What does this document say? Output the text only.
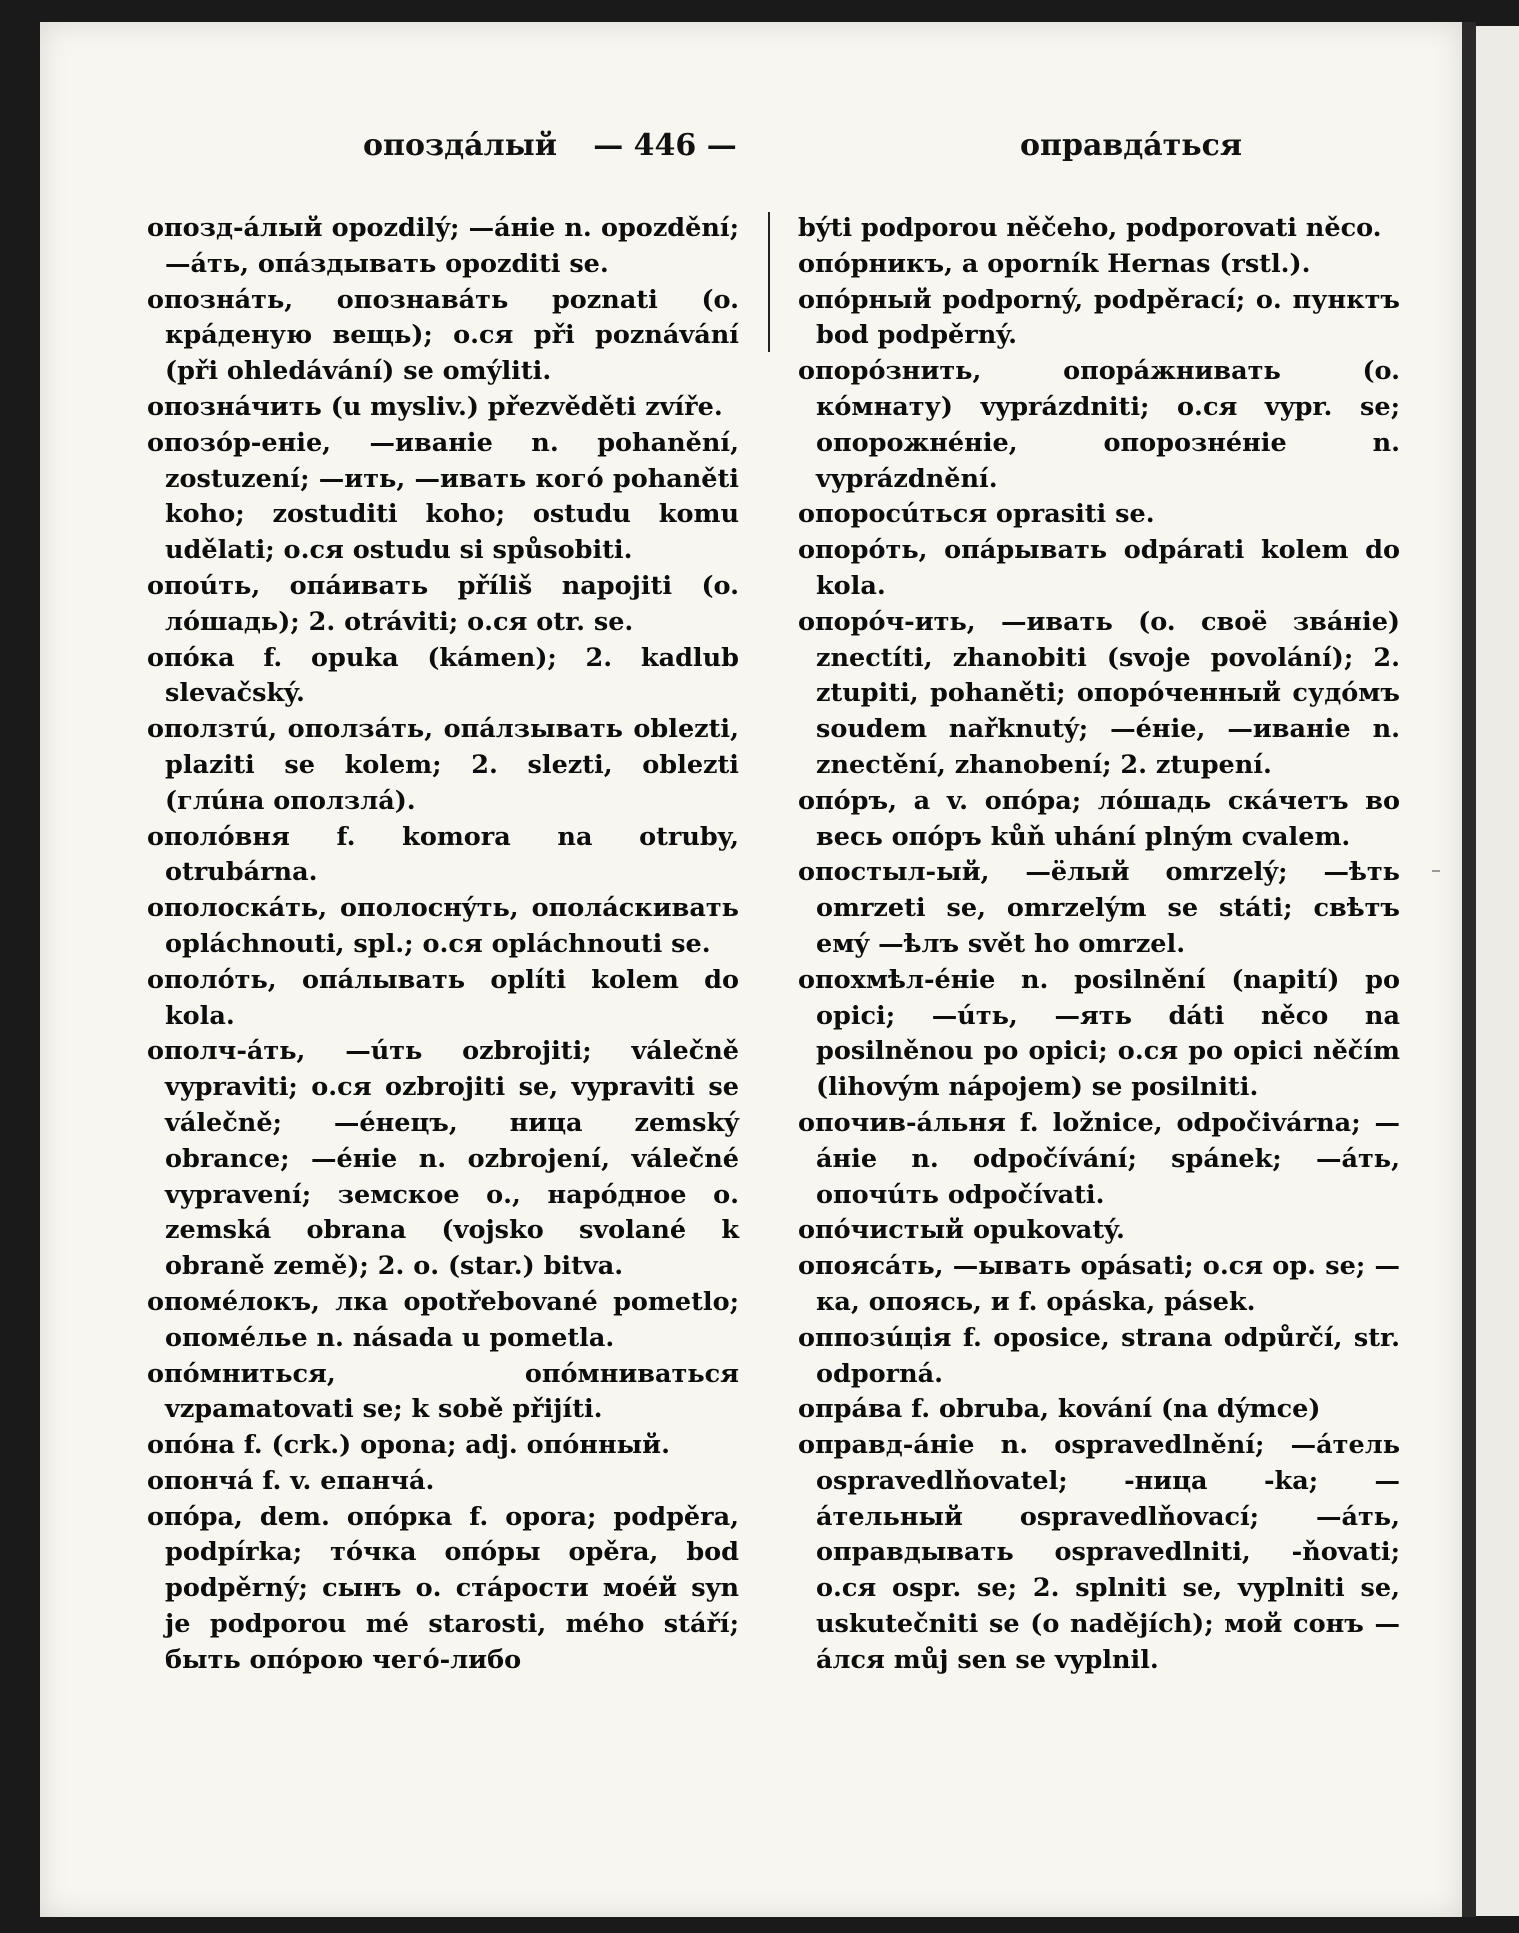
опоздáлый	— 446 —	оправдáться

опозд-áлый opozdilý; —áніе n. opozdění; —áть, опáздывать opozditi se.

опознáть, опознавáть poznati (o. крáденую вещь); о.ся při poznávání (při ohledávání) se omýliti.

опознáчить (u mysliv.) přezvěděti zvíře.

опозóр-еніе, —иваніе n. pohanění, zostuzení; —ить, —ивать когó pohaněti koho; zostuditi koho; ostudu komu udělati; о.ся ostudu si spůsobiti.

опоúть, опáивать příliš napojiti (o. лóшадь); 2. otráviti; о.ся otr. se.

опóка f. opuka (kámen); 2. kadlub slevačský.

оползтú, оползáть, опáлзывать oblezti, plaziti se kolem; 2. slezti, oblezti (глúна оползлá).

ополóвня f. komora na otruby, otrubárna.

ополоскáть, ополоснýть, ополáскивать opláchnouti, spl.; о.ся opláchnouti se.

ополóть, опáлывать oplíti kolem do kola.

ополч-áть, —úть ozbrojiti; válečně vypraviti; о.ся ozbrojiti se, vypraviti se válečně; —éнецъ, ница zemský obrance; —éніе n. ozbrojení, válečné vypravení; земское о., нарóдное о. zemská obrana (vojsko svolané k obraně země); 2. о. (star.) bitva.

опомéлокъ, лка opotřebované pometlo; опомéлье n. násada u pometla.

опóмниться, опóмниваться vzpamatovati se; k sobě přijíti.

опóна f. (crk.) opona; adj. опóнный.

опончá f. v. епанчá.

опóра, dem. опóрка f. opora; podpěra, podpírka; тóчка опóры opěra, bod podpěrný; сынъ о. стáрости моéй syn je podporou mé starosti, mého stáří; быть опóрою чегó-либо

býti podporou něčeho, podporovati něco.

опóрникъ, а oporník Hernas (rstl.).

опóрный podporný, podpěrací; о. пунктъ bod podpěrný.

опорóзнить, опорáжнивать (o. кóмнату) vyprázdniti; о.ся vypr. se; опорожнéніе, опорознéніе n. vyprázdnění.

опоросúться oprasiti se.

опорóть, опáрывать odpárati kolem do kola.

опорóч-ить, —ивать (o. своё звáніе) znectíti, zhanobiti (svoje povolání); 2. ztupiti, pohaněti; опорóченный судóмъ soudem nařknutý; —éніе, —иваніе n. znectění, zhanobení; 2. ztupení.

опóръ, а v. опóра; лóшадь скáчетъ во весь опóръ kůň uhání plným cvalem.

опостыл-ый, —ёлый omrzelý; —ѣть omrzeti se, omrzelým se státi; свѣтъ емý —ѣлъ svět ho omrzel.

опохмѣл-éніе n. posilnění (napití) po opici; —úть, —ять dáti něco na posilněnou po opici; о.ся po opici něčím (lihovým nápojem) se posilniti.

опочив-áльня f. ložnice, odpočivárna; —áніе n. odpočívání; spánek; —áть, опочúть odpočívati.

опóчистый opukovatý.

опоясáть, —ывать opásati; о.ся op. se; —ка, опоясь, и f. opáska, pásek.

оппозúція f. oposice, strana odpůrčí, str. odporná.

опрáва f. obruba, kování (na dýmce)

оправд-áніе n. ospravedlnění; —áтель ospravedlňovatel; -ница -ka; —áтельный ospravedlňovací; —áть, оправдывать ospravedlniti, -ňovati; о.ся ospr. se; 2. splniti se, vyplniti se, uskutečniti se (o nadějích); мой сонъ —áлся můj sen se vyplnil.
